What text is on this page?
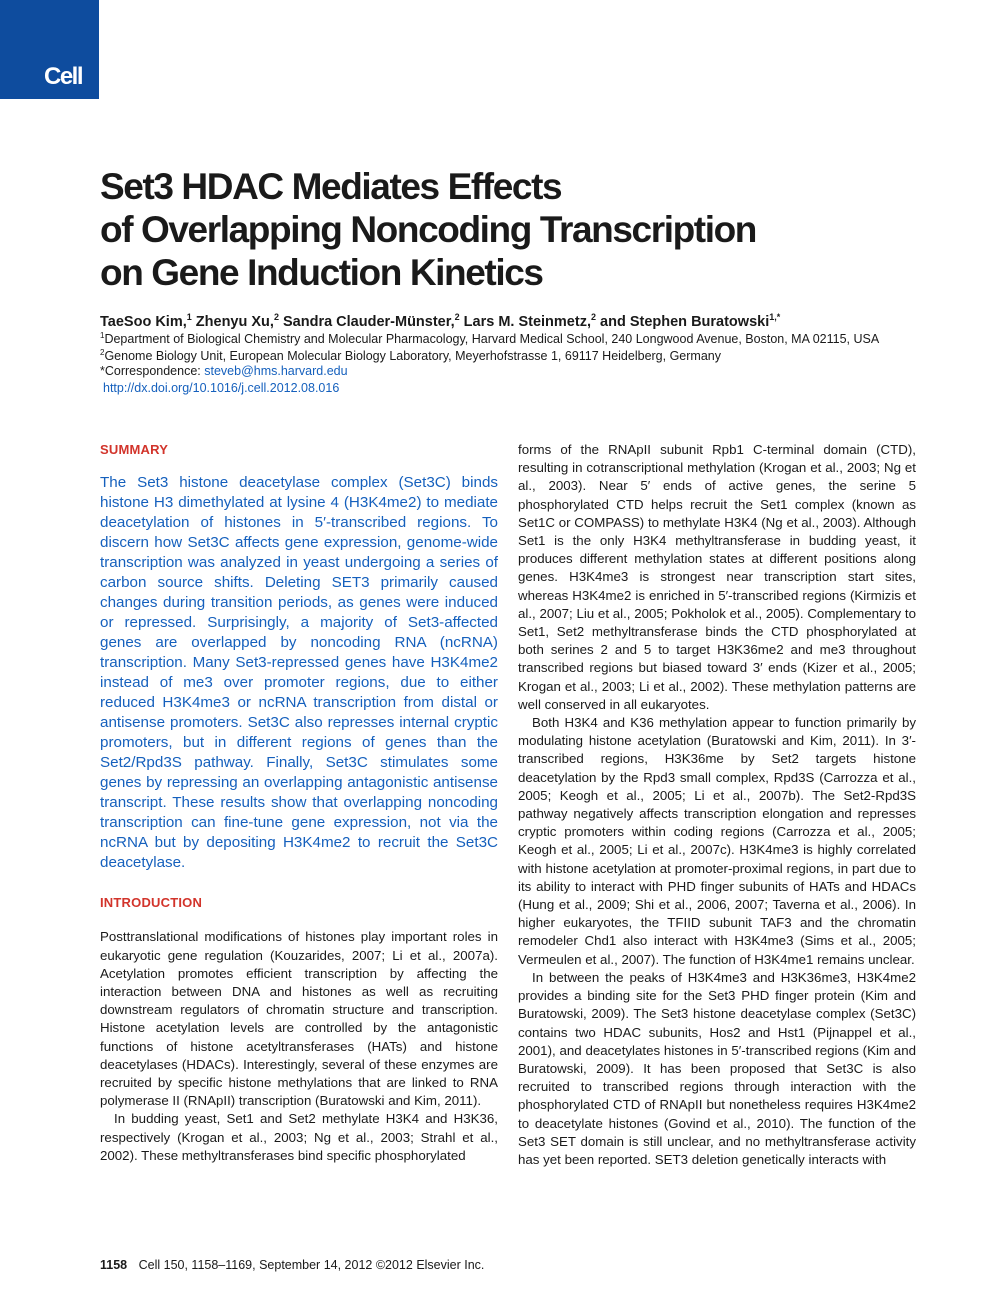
Cell
Set3 HDAC Mediates Effects
of Overlapping Noncoding Transcription
on Gene Induction Kinetics
TaeSoo Kim,$^1$ Zhenyu Xu,$^2$ Sandra Clauder-Münster,$^2$ Lars M. Steinmetz,$^2$ and Stephen Buratowski$^{1,*}$
$^1$Department of Biological Chemistry and Molecular Pharmacology, Harvard Medical School, 240 Longwood Avenue, Boston, MA 02115, USA
$^2$Genome Biology Unit, European Molecular Biology Laboratory, Meyerhofstrasse 1, 69117 Heidelberg, Germany
*Correspondence: steveb@hms.harvard.edu
http://dx.doi.org/10.1016/j.cell.2012.08.016

SUMMARY

The Set3 histone deacetylase complex (Set3C) binds histone H3 dimethylated at lysine 4 (H3K4me2) to mediate deacetylation of histones in 5′-transcribed regions. To discern how Set3C affects gene expression, genome-wide transcription was analyzed in yeast undergoing a series of carbon source shifts. Deleting SET3 primarily caused changes during transition periods, as genes were induced or repressed. Surprisingly, a majority of Set3-affected genes are overlapped by noncoding RNA (ncRNA) transcription. Many Set3-repressed genes have H3K4me2 instead of me3 over promoter regions, due to either reduced H3K4me3 or ncRNA transcription from distal or antisense promoters. Set3C also represses internal cryptic promoters, but in different regions of genes than the Set2/Rpd3S pathway. Finally, Set3C stimulates some genes by repressing an overlapping antagonistic antisense transcript. These results show that overlapping noncoding transcription can fine-tune gene expression, not via the ncRNA but by depositing H3K4me2 to recruit the Set3C deacetylase.

INTRODUCTION

Posttranslational modifications of histones play important roles in eukaryotic gene regulation (Kouzarides, 2007; Li et al., 2007a). Acetylation promotes efficient transcription by affecting the interaction between DNA and histones as well as recruiting downstream regulators of chromatin structure and transcription. Histone acetylation levels are controlled by the antagonistic functions of histone acetyltransferases (HATs) and histone deacetylases (HDACs). Interestingly, several of these enzymes are recruited by specific histone methylations that are linked to RNA polymerase II (RNApII) transcription (Buratowski and Kim, 2011).

In budding yeast, Set1 and Set2 methylate H3K4 and H3K36, respectively (Krogan et al., 2003; Ng et al., 2003; Strahl et al., 2002). These methyltransferases bind specific phosphorylated

forms of the RNApII subunit Rpb1 C-terminal domain (CTD), resulting in cotranscriptional methylation (Krogan et al., 2003; Ng et al., 2003). Near 5′ ends of active genes, the serine 5 phosphorylated CTD helps recruit the Set1 complex (known as Set1C or COMPASS) to methylate H3K4 (Ng et al., 2003). Although Set1 is the only H3K4 methyltransferase in budding yeast, it produces different methylation states at different positions along genes. H3K4me3 is strongest near transcription start sites, whereas H3K4me2 is enriched in 5′-transcribed regions (Kirmizis et al., 2007; Liu et al., 2005; Pokholok et al., 2005). Complementary to Set1, Set2 methyltransferase binds the CTD phosphorylated at both serines 2 and 5 to target H3K36me2 and me3 throughout transcribed regions but biased toward 3′ ends (Kizer et al., 2005; Krogan et al., 2003; Li et al., 2002). These methylation patterns are well conserved in all eukaryotes.

Both H3K4 and K36 methylation appear to function primarily by modulating histone acetylation (Buratowski and Kim, 2011). In 3′-transcribed regions, H3K36me by Set2 targets histone deacetylation by the Rpd3 small complex, Rpd3S (Carrozza et al., 2005; Keogh et al., 2005; Li et al., 2007b). The Set2-Rpd3S pathway negatively affects transcription elongation and represses cryptic promoters within coding regions (Carrozza et al., 2005; Keogh et al., 2005; Li et al., 2007c). H3K4me3 is highly correlated with histone acetylation at promoter-proximal regions, in part due to its ability to interact with PHD finger subunits of HATs and HDACs (Hung et al., 2009; Shi et al., 2006, 2007; Taverna et al., 2006). In higher eukaryotes, the TFIID subunit TAF3 and the chromatin remodeler Chd1 also interact with H3K4me3 (Sims et al., 2005; Vermeulen et al., 2007). The function of H3K4me1 remains unclear.

In between the peaks of H3K4me3 and H3K36me3, H3K4me2 provides a binding site for the Set3 PHD finger protein (Kim and Buratowski, 2009). The Set3 histone deacetylase complex (Set3C) contains two HDAC subunits, Hos2 and Hst1 (Pijnappel et al., 2001), and deacetylates histones in 5′-transcribed regions (Kim and Buratowski, 2009). It has been proposed that Set3C is also recruited to transcribed regions through interaction with the phosphorylated CTD of RNApII but nonetheless requires H3K4me2 to deacetylate histones (Govind et al., 2010). The function of the Set3 SET domain is still unclear, and no methyltransferase activity has yet been reported. SET3 deletion genetically interacts with

1158 Cell 150, 1158–1169, September 14, 2012 ©2012 Elsevier Inc.
